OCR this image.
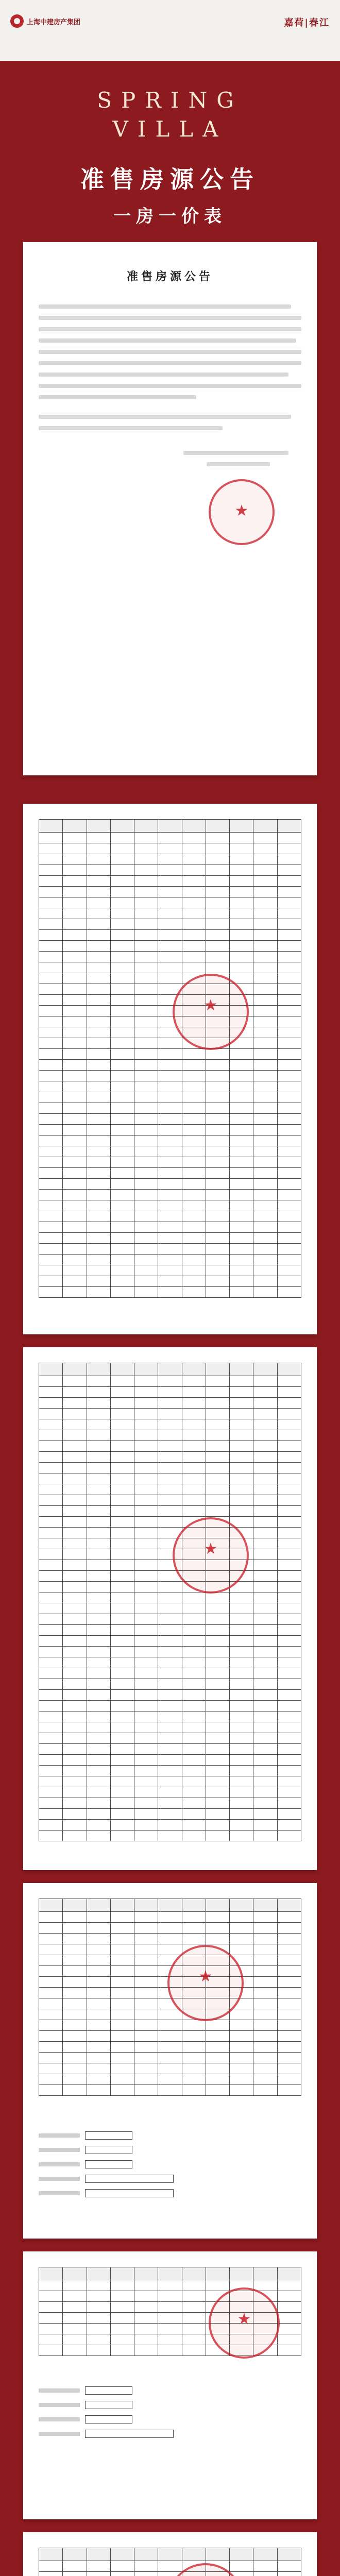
上海中建房产集团	嘉荷|春江
SPRING
VILLA
准售房源公告
一房一价表
准售房源公告
★

★

★

★

★

★
